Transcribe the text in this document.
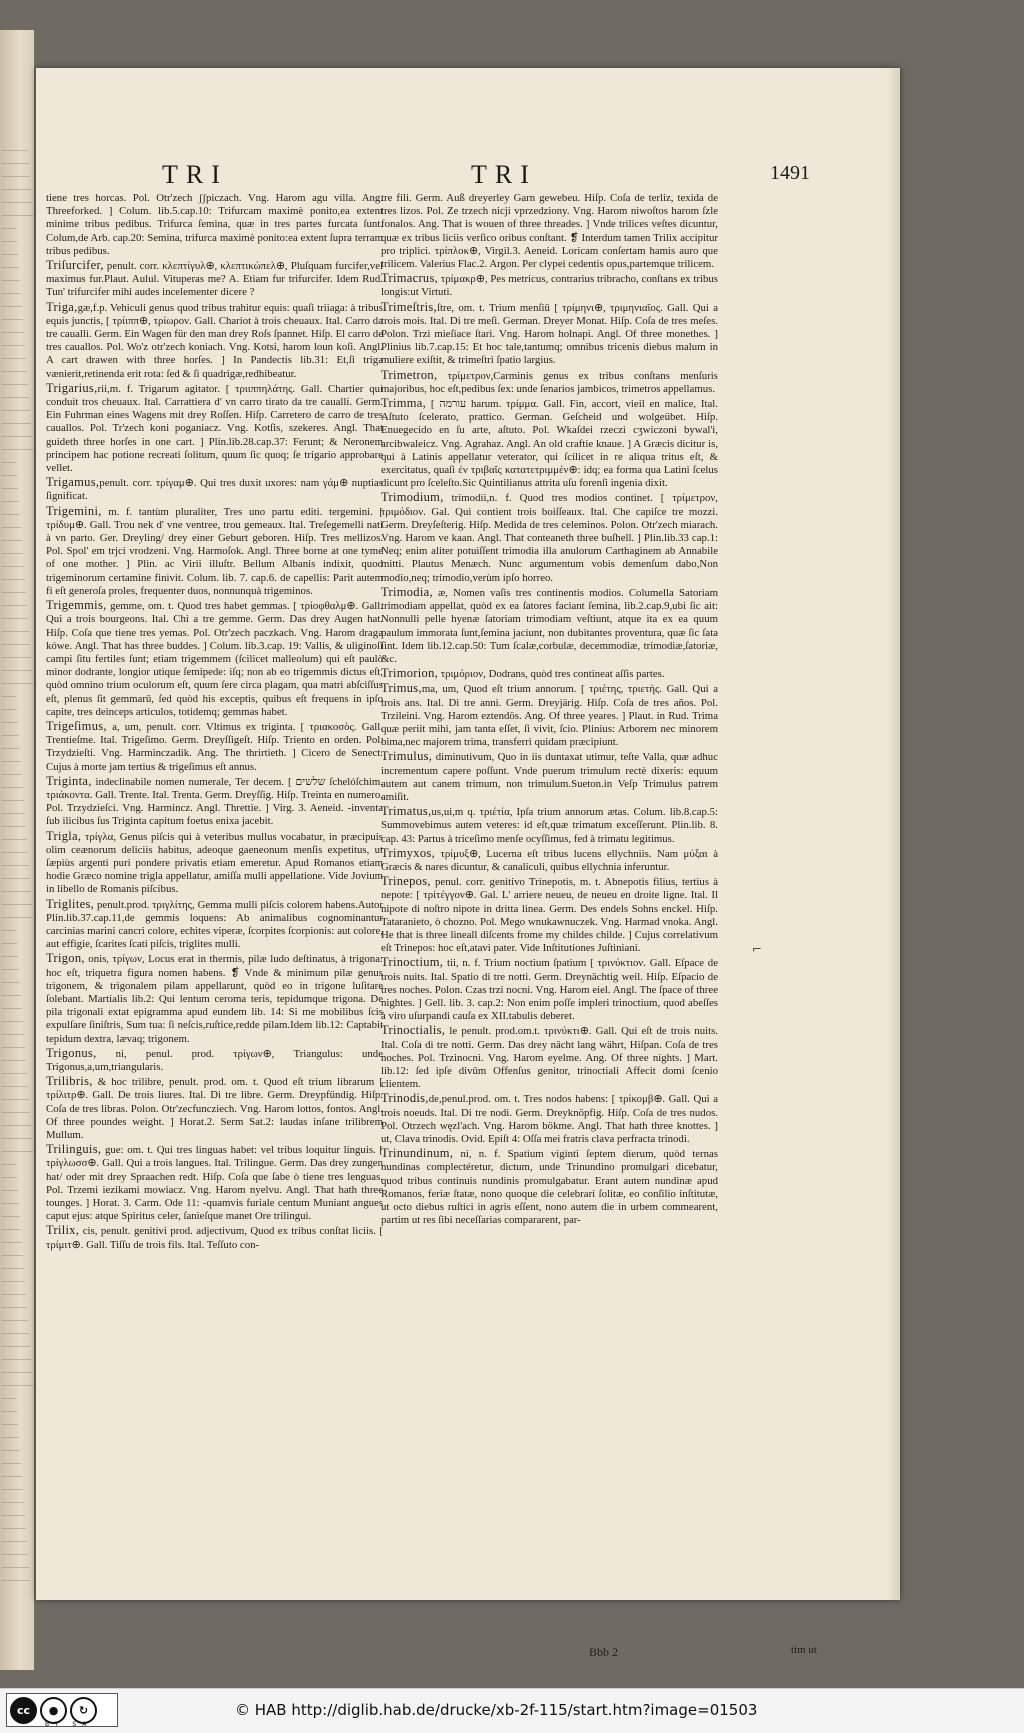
TRI	TRI	1491

tiene tres horcas. Pol. Otr'zech ʃʃpiczach. Vng. Harom agu villa. Ang. Threeforked. ] Colum. lib.5.cap.10: Trifurcam maximè ponito,ea extent minime tribus pedibus. Trifurca ſemina, quæ in tres partes furcata ſunt. Colum,de Arb. cap.20: Semina, trifurca maximè ponito:ea extent ſupra terram tribus pedibus.

Triſurcifer, penult. corr. κλεπτίγυλ⊕, κλεπτικώπελ⊕, Pluſquam furcifer,vel maximus fur.Plaut. Aulul. Vituperas me? A. Etiam fur trifurcifer. Idem Rud. Tun' trifurcifer mihi audes incelementer dicere ?

Triga,gæ,f.p. Vehiculi genus quod tribus trahitur equis: quaſi triiaga: à tribus equis junctis, [ τρίιππ⊕, τρίωρον. Gall. Chariot à trois cheuaux. Ital. Carro da tre caualli. Germ. Ein Wagen für den man drey Roſs ſpannet. Hiſp. El carro de tres cauallos. Pol. Wo'z otr'zech koniach. Vng. Kotsi, harom loun koſi. Angl. A cart drawen with three horſes. ] In Pandectis lib.31: Et,ſi triga vænierit,retinenda erit rota: ſed & ſi quadrigæ,redhibeatur.

Trigarius,rii,m. f. Trigarum agitator. [ τριιππηλάτης. Gall. Chartier qui conduit tros cheuaux. Ital. Carrattiera d' vn carro tirato da tre caualli. Germ. Ein Fuhrman eines Wagens mit drey Roſſen. Hiſp. Carretero de carro de tres cauallos. Pol. Tr'zech koni poganiacz. Vng. Kotſis, szekeres. Angl. That guideth three horſes in one cart. ] Plin.lib.28.cap.37: Ferunt; & Neronem principem hac potione recreati ſolitum, quum ſic quoq; ſe trigario approbare vellet.

Trigamus,penult. corr. τρίγαμ⊕. Qui tres duxit uxores: nam γάμ⊕ nuptias ſignificat.

Trigemini, m. f. tantùm pluraliter, Tres uno partu editi. tergemini. [ τρίδυμ⊕. Gall. Trou nek d' vne ventree, trou gemeaux. Ital. Treſegemelli nati à vn parto. Ger. Dreyling/ drey einer Geburt geboren. Hiſp. Tres mellizos. Pol. Spol' em trjci vrodzeni. Vng. Harmoſok. Angl. Three borne at one tyme of one mother. ] Plin. ac Virii illuſtr. Bellum Albanis indixit, quod trigeminorum certamine finivit. Colum. lib. 7. cap.6. de capellis: Parit autem fi eſt generoſa proles, frequenter duos, nonnunquà trigeminos.

Trigemmis, gemme, om. t. Quod tres habet gemmas. [ τρίοφθαλμ⊕. Gall. Qui a trois bourgeons. Ital. Chi a tre gemme. Germ. Das drey Augen hat. Hiſp. Coſa que tiene tres yemas. Pol. Otr'zech paczkach. Vng. Harom draga kówe. Angl. That has three buddes. ] Colum. lib.3.cap. 19: Vallis, & uliginoſi campi ſitu fertiles ſunt; etiam trigemmem (ſcilicet malleolum) qui eſt paulò minor dodrante, longior utique ſemipede: iſq; non ab eo trigemmis dictus eſt, quòd omnino trium oculorum eſt, quum ſere circa plagam, qua matri abſciſſus eſt, plenus ſit gemmarū, ſed quòd his exceptis, quibus eſt frequens in ipſo capite, tres deinceps articulos, totidemq; gemmas habet.

Trigeſimus, a, um, penult. corr. Vltimus ex triginta. [ τριακοσὸς. Gall. Trentieſme. Ital. Trigeſimo. Germ. Dreyſſigeſt. Hiſp. Triento en orden. Pol. Trzydzieſti. Vng. Harminczadik. Ang. The thrirtieth. ] Cicero de Senect. Cujus à morte jam tertius & trigeſimus eſt annus.

Triginta, indeclinabile nomen numerale, Ter decem. [ שלשים ſchelóſchim. τριάκοντα. Gall. Trente. Ital. Trenta. Germ. Dreyſſig. Hiſp. Treinta en numero. Pol. Trzydzieſci. Vng. Harmincz. Angl. Threttie. ] Virg. 3. Aeneid. -inventa ſub ilicibus ſus Triginta capitum foetus enixa jacebit.

Trigla, τρίγλα, Genus piſcis qui à veteribus mullus vocabatur, in præcipuis olim ceænorum deliciis habitus, adeoque gaeneonum menſis expetitus, ut ſæpiùs argenti puri pondere privatis etiam emeretur. Apud Romanos etiam hodie Græco nomine trigla appellatur, amiſſa mulli appellatione. Vide Jovium in libello de Romanis piſcibus.

Triglites, penult.prod. τριγλίτης, Gemma mulli piſcis colorem habens.Autor Plin.lib.37.cap.11,de gemmis loquens: Ab animalibus cognominantur carcinias marini cancri colore, echites viperæ, ſcorpites ſcorpionis: aut colore, aut effigie, ſcarites ſcati piſcis, triglites mulli.

Trigon, onis, τρίγων, Locus erat in thermis, pilæ ludo deſtinatus, à trigona: hoc eſt, triquetra figura nomen habens. ❡ Vnde & minimum pilæ genus trigonem, & trigonalem pilam appellarunt, quòd eo in trigone luſitare ſolebant. Martialis lib.2: Qui lentum ceroma teris, tepidumque trigona. De pila trigonali extat epigramma apud eundem lib. 14: Si me mobilibus ſcis expulſare ſiniſtris, Sum tua: ſi neſcis,ruſtice,redde pilam.Idem lib.12: Captabit tepidum dextra, lævaq; trigonem.

Trigonus, ni, penul. prod. τρίγων⊕, Triangulus: unde Trigonus,a,um,triangularis.

Trilibris, & hoc trilibre, penult. prod. om. t. Quod eſt trium librarum [ τρίλιτρ⊕. Gall. De trois liures. Ital. Di tre libre. Germ. Dreypfündig. Hiſp. Coſa de tres libras. Polon. Otr'zecfuncziech. Vng. Harom lottos, fontos. Angl. Of three poundes weight. ] Horat.2. Serm Sat.2: laudas inſane trilibrem Mullum.

Trilinguis, gue: om. t. Qui tres linguas habet: vel tribus loquitur linguis. [ τρίγλωσσ⊕. Gall. Qui a trois langues. Ital. Trilingue. Germ. Das drey zungen hat/ oder mit drey Spraachen redt. Hiſp. Coſa que ſabe ò tiene tres lenguas. Pol. Trzemi iezikami mowiacz. Vng. Harom nyelvu. Angl. That hath three tounges. ] Horat. 3. Carm. Ode 11: -quamvis furiale centum Muniant angues caput ejus: atque Spiritus celer, ſanieſque manet Ore trilingui.

Trilix, cis, penult. genitivi prod. adjectivum, Quod ex tribus conſtat liciis. [ τρίμιτ⊕. Gall. Tiſſu de trois fils. Ital. Teſſuto con-

tre fili. Germ. Auß dreyerley Garn gewebeu. Hiſp. Coſa de terliz, texida de tres lizos. Pol. Ze trzech nicji vprzedziony. Vng. Harom niwoſtos harom ſzle fonalos. Ang. That is wouen of three threades. ] Vnde trilices veſtes dicuntur, quæ ex tribus liciis verſico oribus conſtant. ❡ Interdum tamen Trilix accipitur pro triplici. τρίπλοκ⊕, Virgil.3. Aeneid. Loricam conſertam hamis auro que trilicem. Valerius Flac.2. Argon. Per clypei cedentis opus,partemque trilicem.

Trimacrus, τρίμακρ⊕, Pes metricus, contrarius tribracho, conſtans ex tribus longis:ut Virtuti.

Trimeſtris,ſtre, om. t. Trium menſiū [ τρίμηνι⊕, τριμηνιαῖος. Gall. Qui a trois mois. Ital. Di tre meſi. German. Dreyer Monat. Hiſp. Coſa de tres meſes. Polon. Trzi mieſiace ſtari. Vng. Harom holnapi. Angl. Of three monethes. ] Plinius lib.7.cap.15: Et hoc tale,tantumq; omnibus tricenis diebus malum in muliere exiſtit, & trimeſtri ſpatio largius.

Trimetron, τρίμετρον,Carminis genus ex tribus conſtans menſuris majoribus, hoc eſt,pedibus ſex: unde ſenarios jambicos, trimetros appellamus.

Trimma, [ עורמה harum. τρίμμα. Gall. Fin, accort, vieil en malice, Ital. Aſtuto ſcelerato, prattico. German. Geſcheid und wolgeübet. Hiſp. Enuegecido en ſu arte, aſtuto. Pol. Wkaſdei rzeczi cʒwiczoni bywal'i, arcibwaleicz. Vng. Agrahaz. Angl. An old craftie knaue. ] A Græcis dicitur is, qui à Latinis appellatur veterator, qui ſcilicet in re aliqua tritus eſt, & exercitatus, quaſi ἐν τριβαῖς κατατετριμμέν⊕: idq; ea forma qua Latini ſcelus dicunt pro ſceleſto.Sic Quintilianus attrita uſu forenſi ingenia dixit.

Trimodium, trimodii,n. f. Quod tres modios continet. [ τρίμετρον, τριμόδιον. Gal. Qui contient trois boiſſeaux. Ital. Che capiſce tre mozzi. Germ. Dreyſeſterig. Hiſp. Medida de tres celeminos. Polon. Otr'zech miarach. Vng. Harom ve kaan. Angl. That conteaneth three buſhell. ] Plin.lib.33 cap.1: Neq; enim aliter potuiſſent trimodia illa anulorum Carthaginem ab Annabile mitti. Plautus Menæch. Nunc argumentum vobis demenſum dabo,Non modio,neq; trimodio,verùm ipſo horreo.

Trimodia, æ, Nomen vaſis tres continentis modios. Columella Satoriam trimodiam appellat, quòd ex ea ſatores faciant ſemina, lib.2.cap.9,ubi ſic ait: Nonnulli pelle hyenæ ſatoriam trimodiam veſtiunt, atque ita ex ea quum paulum immorata ſunt,ſemina jaciunt, non dubitantes proventura, quæ ſic ſata ſint. Idem lib.12.cap.50: Tum ſcalæ,corbulæ, decemmodiæ, trimodiæ,ſatoriæ, &c.

Trimorion, τριμόριον, Dodrans, quòd tres contineat aſſis partes.

Trimus,ma, um, Quod eſt trium annorum. [ τριέτης, τριετὴς. Gall. Qui a trois ans. Ital. Di tre anni. Germ. Dreyjärig. Hiſp. Coſa de tres años. Pol. Trzileini. Vng. Harom eztendös. Ang. Of three yeares. ] Plaut. in Rud. Trima quæ periit mihi, jam tanta eſſet, ſi vivit, ſcio. Plinius: Arborem nec minorem bima,nec majorem trima, transferri quidam præcipiunt.

Trimulus, diminutivum, Quo in iis duntaxat utimur, teſte Valla, quæ adhuc incrementum capere poſſunt. Vnde puerum trimulum rectè dixeris: equum autem aut canem trimum, non trimulum.Sueton.in Veſp Trimulus patrem amiſit.

Trimatus,us,ui,m q. τριέτία, Ipſa trium annorum ætas. Colum. lib.8.cap.5: Summovebimus autem veteres: id eſt,quæ trimatum exceſſerunt. Plin.lib. 8. cap. 43: Partus à triceſimo menſe ocyſſimus, fed à trimatu legitimus.

Trimyxos, τρίμυξ⊕, Lucerna eſt tribus lucens ellychniis. Nam μύξαι à Græcis & nares dicuntur, & canaliculi, quibus ellychnia inferuntur.

Trinepos, penul. corr. genitivo Trinepotis, m. t. Abnepotis filius, tertius à nepote: [ τρίτέγγον⊕. Gal. L' arriere neueu, de neueu en droite ligne. Ital. Il nipote di noſtro nipote in dritta linea. Germ. Des endels Sohns enckel. Hiſp. Tataranieto, ò chozno. Pol. Mego wnukawnuczek. Vng. Harmad vnoka. Angl. He that is three lineall diſcents frome my childes childe. ] Cujus correlativum eſt Trinepos: hoc eſt,atavi pater. Vide Inſtitutiones Juſtiniani.

Trinoctium, tii, n. f. Trium noctium ſpatium [ τρινύκτιον. Gall. Eſpace de trois nuits. Ital. Spatio di tre notti. Germ. Dreynächtig weil. Hiſp. Eſpacio de tres noches. Polon. Czas trzi nocni. Vng. Harom eiel. Angl. The ſpace of three nightes. ] Gell. lib. 3. cap.2: Non enim poſſe impleri trinoctium, quod abeſſes à viro uſurpandi cauſa ex XII.tabulis deberet.

Trinoctialis, le penult. prod.om.t. τρινύκτι⊕. Gall. Qui eſt de trois nuits. Ital. Coſa di tre notti. Germ. Das drey nächt lang währt, Hiſpan. Coſa de tres noches. Pol. Trzinocni. Vng. Harom eyelme. Ang. Of three nights. ] Mart. lib.12: ſed ipſe divûm Offenſus genitor, trinoctiali Affecit domi ſcenio clientem.

Trinodis,de,penul.prod. om. t. Tres nodos habens: [ τρίκομβ⊕. Gall. Qui a trois noeuds. Ital. Di tre nodi. Germ. Dreyknöpfig. Hiſp. Coſa de tres nudos. Pol. Otrzech węzl'ach. Vng. Harom bökme. Angl. That hath three knottes. ] ut, Clava trinodis. Ovid. Epiſt 4: Oſſa mei fratris clava perfracta trinodi.

Trinundinum, ni, n. f. Spatium viginti ſeptem dierum, quòd ternas nundinas complectéretur, dictum, unde Trinundino promulgari dicebatur, quod tribus continuis nundinis promulgabatur. Erant autem nundinæ apud Romanos, feriæ ſtatæ, nono quoque die celebrari ſolitæ, eo conſilio inſtitutæ, ut octo diebus ruſtici in agris eſſent, nono autem die in urbem commearent, partim ut res ſibi neceſſarias compararent, par-

⌐
Bbb 2	tim ut
cc	●	↻
BY SA
© HAB http://diglib.hab.de/drucke/xb-2f-115/start.htm?image=01503
